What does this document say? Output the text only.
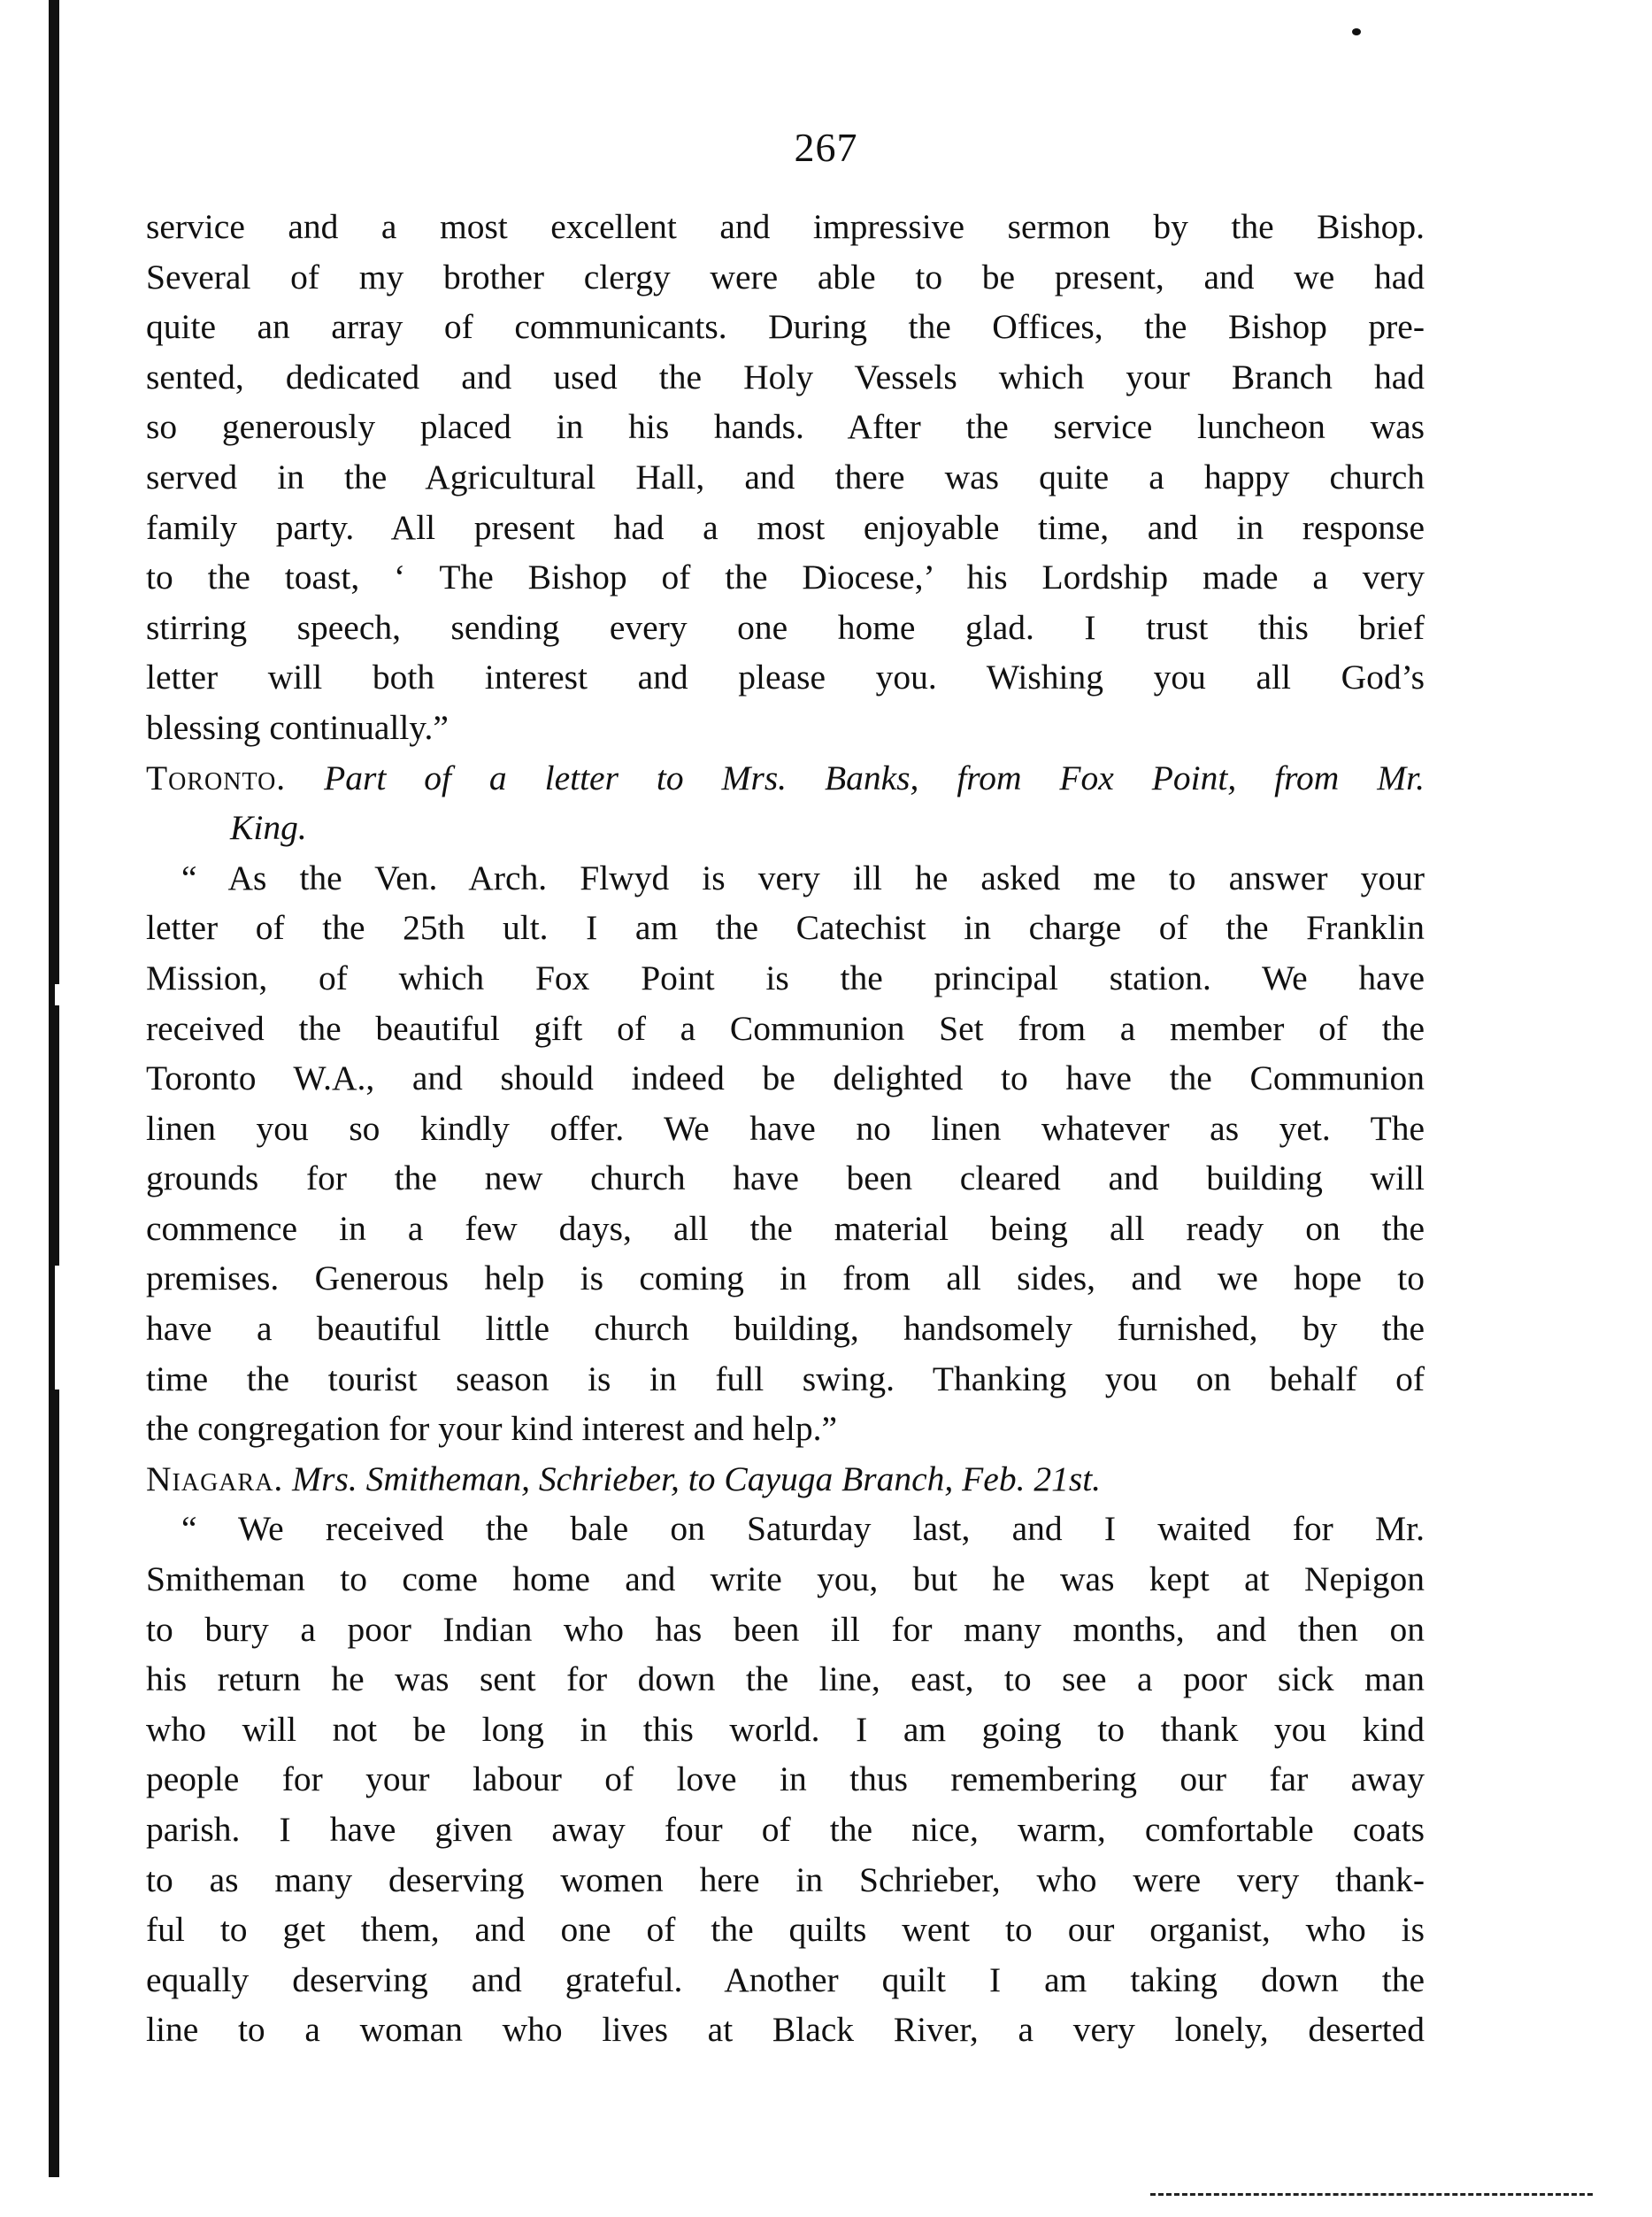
267
service and a most excellent and impressive sermon by the Bishop.
Several of my brother clergy were able to be present, and we had
quite an array of communicants. During the Offices, the Bishop pre-
sented, dedicated and used the Holy Vessels which your Branch had
so generously placed in his hands. After the service luncheon was
served in the Agricultural Hall, and there was quite a happy church
family party. All present had a most enjoyable time, and in response
to the toast, ‘ The Bishop of the Diocese,’ his Lordship made a very
stirring speech, sending every one home glad. I trust this brief
letter will both interest and please you. Wishing you all God’s
blessing continually.”
Toronto. Part of a letter to Mrs. Banks, from Fox Point, from Mr.
King.
“ As the Ven. Arch. Flwyd is very ill he asked me to answer your
letter of the 25th ult. I am the Catechist in charge of the Franklin
Mission, of which Fox Point is the principal station. We have
received the beautiful gift of a Communion Set from a member of the
Toronto W.A., and should indeed be delighted to have the Communion
linen you so kindly offer. We have no linen whatever as yet. The
grounds for the new church have been cleared and building will
commence in a few days, all the material being all ready on the
premises. Generous help is coming in from all sides, and we hope to
have a beautiful little church building, handsomely furnished, by the
time the tourist season is in full swing. Thanking you on behalf of
the congregation for your kind interest and help.”
Niagara. Mrs. Smitheman, Schrieber, to Cayuga Branch, Feb. 21st.
“ We received the bale on Saturday last, and I waited for Mr.
Smitheman to come home and write you, but he was kept at Nepigon
to bury a poor Indian who has been ill for many months, and then on
his return he was sent for down the line, east, to see a poor sick man
who will not be long in this world. I am going to thank you kind
people for your labour of love in thus remembering our far away
parish. I have given away four of the nice, warm, comfortable coats
to as many deserving women here in Schrieber, who were very thank-
ful to get them, and one of the quilts went to our organist, who is
equally deserving and grateful. Another quilt I am taking down the
line to a woman who lives at Black River, a very lonely, deserted
